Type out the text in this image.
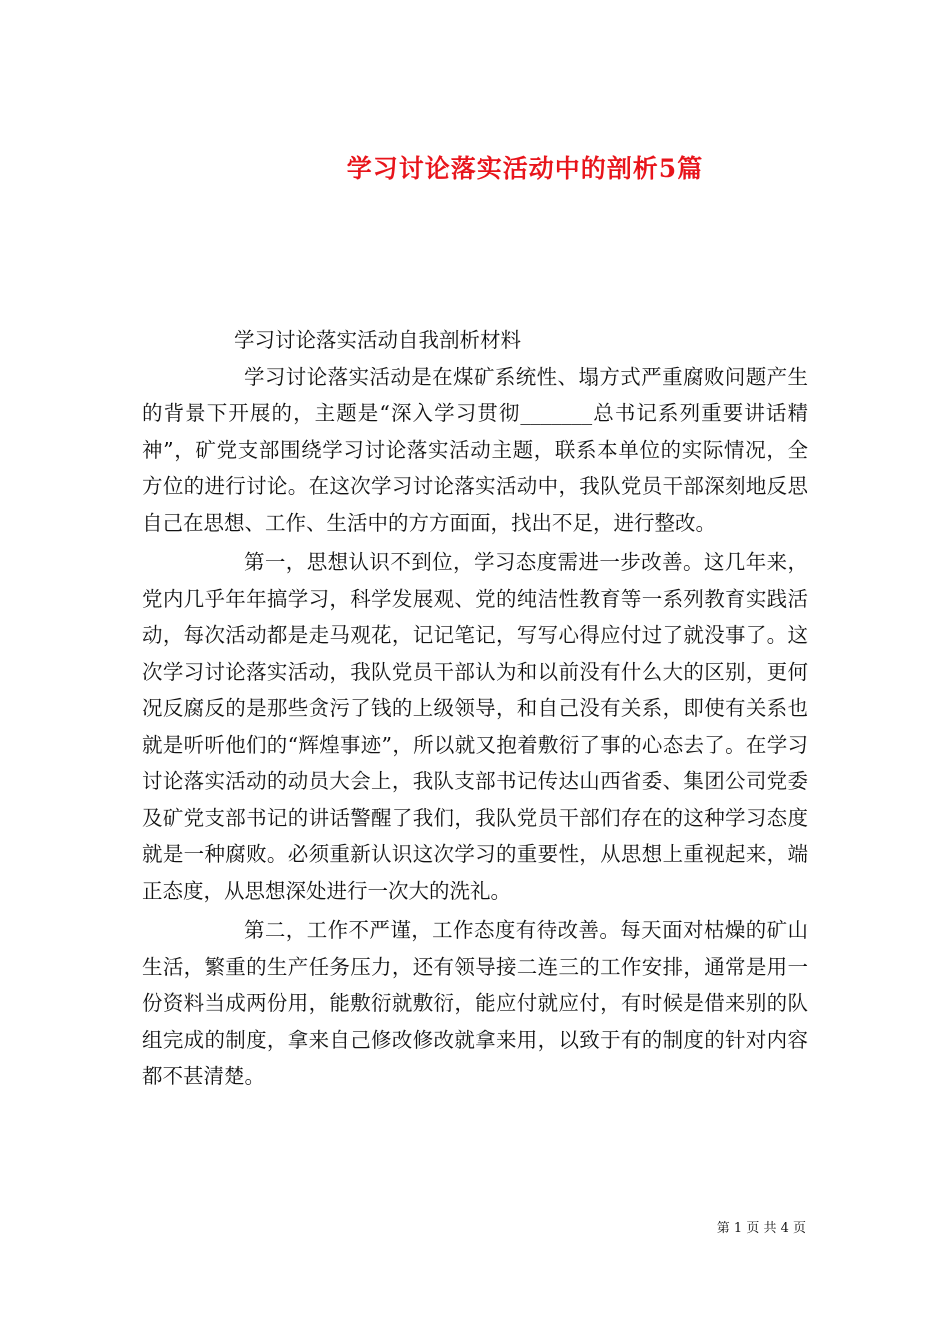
学习讨论落实活动中的剖析5篇

学习讨论落实活动自我剖析材料

学习讨论落实活动是在煤矿系统性、塌方式严重腐败问题产生的背景下开展的，主题是“深入学习贯彻_______总书记系列重要讲话精神”，矿党支部围绕学习讨论落实活动主题，联系本单位的实际情况，全方位的进行讨论。在这次学习讨论落实活动中，我队党员干部深刻地反思自己在思想、工作、生活中的方方面面，找出不足，进行整改。

第一，思想认识不到位，学习态度需进一步改善。这几年来，党内几乎年年搞学习，科学发展观、党的纯洁性教育等一系列教育实践活动，每次活动都是走马观花，记记笔记，写写心得应付过了就没事了。这次学习讨论落实活动，我队党员干部认为和以前没有什么大的区别，更何况反腐反的是那些贪污了钱的上级领导，和自己没有关系，即使有关系也就是听听他们的“辉煌事迹”，所以就又抱着敷衍了事的心态去了。在学习讨论落实活动的动员大会上，我队支部书记传达山西省委、集团公司党委及矿党支部书记的讲话警醒了我们，我队党员干部们存在的这种学习态度就是一种腐败。必须重新认识这次学习的重要性，从思想上重视起来，端正态度，从思想深处进行一次大的洗礼。

第二，工作不严谨，工作态度有待改善。每天面对枯燥的矿山生活，繁重的生产任务压力，还有领导接二连三的工作安排，通常是用一份资料当成两份用，能敷衍就敷衍，能应付就应付，有时候是借来别的队组完成的制度，拿来自己修改修改就拿来用，以致于有的制度的针对内容都不甚清楚。

第 1 页 共 4 页
